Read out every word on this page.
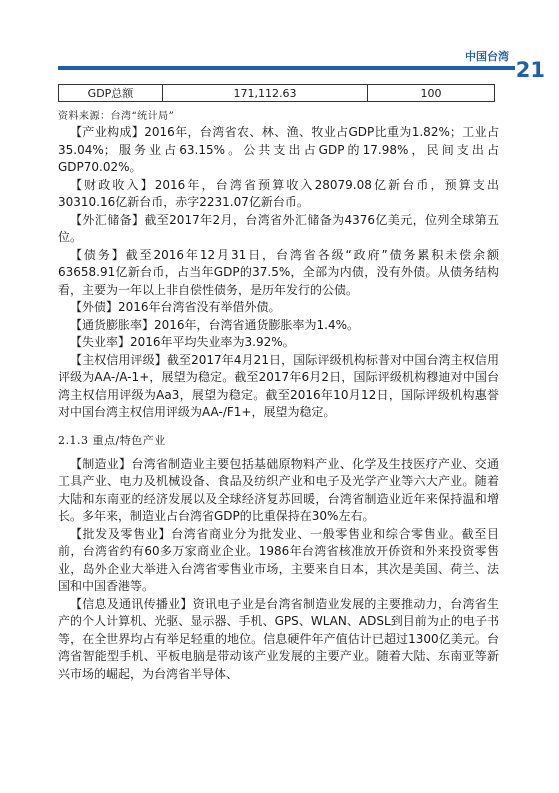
中国台湾
21
GDP总额	171,112.63	100

资料来源：台湾“统计局”

【产业构成】2016年，台湾省农、林、渔、牧业占GDP比重为1.82%；工业占35.04%；服务业占63.15%。公共支出占GDP的17.98%，民间支出占GDP70.02%。

【财政收入】2016年，台湾省预算收入28079.08亿新台币，预算支出30310.16亿新台币，赤字2231.07亿新台币。

【外汇储备】截至2017年2月，台湾省外汇储备为4376亿美元，位列全球第五位。

【债务】截至2016年12月31日，台湾省各级“政府”债务累积未偿余额63658.91亿新台币，占当年GDP的37.5%，全部为内债，没有外债。从债务结构看，主要为一年以上非自偿性债务，是历年发行的公债。

【外债】2016年台湾省没有举借外债。

【通货膨胀率】2016年，台湾省通货膨胀率为1.4%。

【失业率】2016年平均失业率为3.92%。

【主权信用评级】截至2017年4月21日，国际评级机构标普对中国台湾主权信用评级为AA-/A-1+，展望为稳定。截至2017年6月2日，国际评级机构穆迪对中国台湾主权信用评级为Aa3，展望为稳定。截至2016年10月12日，国际评级机构惠誉对中国台湾主权信用评级为AA-/F1+，展望为稳定。

2.1.3 重点/特色产业

【制造业】台湾省制造业主要包括基础原物料产业、化学及生技医疗产业、交通工具产业、电力及机械设备、食品及纺织产业和电子及光学产业等六大产业。随着大陆和东南亚的经济发展以及全球经济复苏回暖，台湾省制造业近年来保持温和增长。多年来，制造业占台湾省GDP的比重保持在30%左右。

【批发及零售业】台湾省商业分为批发业、一般零售业和综合零售业。截至目前，台湾省约有60多万家商业企业。1986年台湾省核准放开侨资和外来投资零售业，岛外企业大举进入台湾省零售业市场，主要来自日本，其次是美国、荷兰、法国和中国香港等。

【信息及通讯传播业】资讯电子业是台湾省制造业发展的主要推动力，台湾省生产的个人计算机、光驱、显示器、手机、GPS、WLAN、ADSL到目前为止的电子书等，在全世界均占有举足轻重的地位。信息硬件年产值估计已超过1300亿美元。台湾省智能型手机、平板电脑是带动该产业发展的主要产业。随着大陆、东南亚等新兴市场的崛起，为台湾省半导体、
